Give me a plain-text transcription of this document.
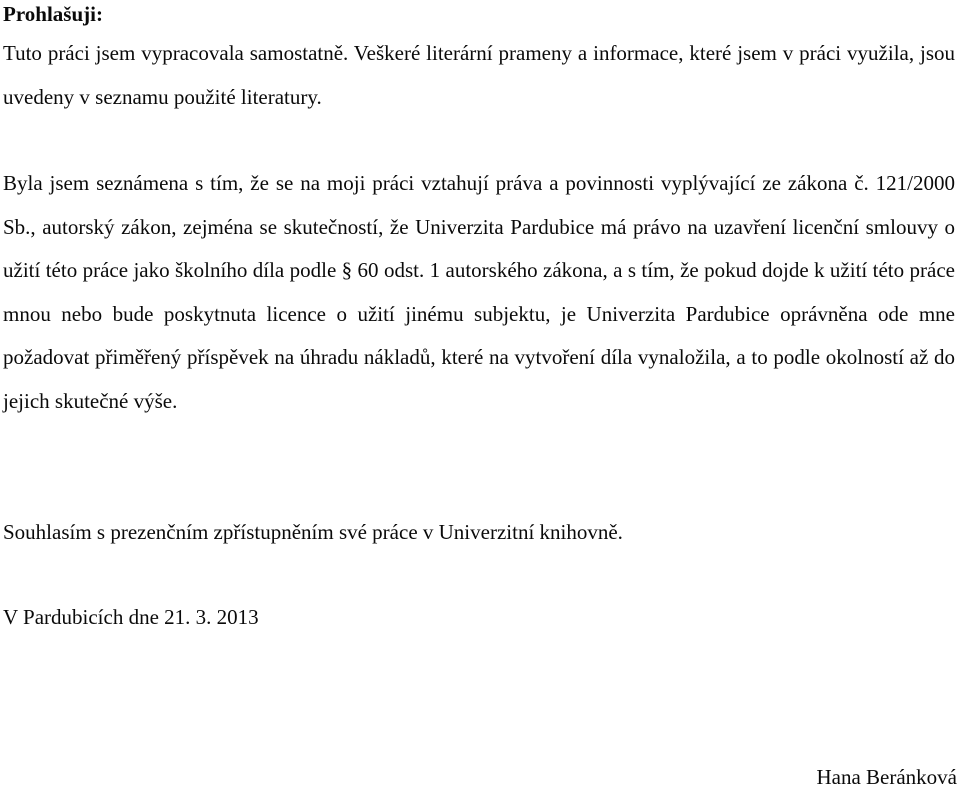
Prohlašuji:

Tuto práci jsem vypracovala samostatně. Veškeré literární prameny a informace, které jsem v práci využila, jsou uvedeny v seznamu použité literatury.

Byla jsem seznámena s tím, že se na moji práci vztahují práva a povinnosti vyplývající ze zákona č. 121/2000 Sb., autorský zákon, zejména se skutečností, že Univerzita Pardubice má právo na uzavření licenční smlouvy o užití této práce jako školního díla podle § 60 odst. 1 autorského zákona, a s tím, že pokud dojde k užití této práce mnou nebo bude poskytnuta licence o užití jinému subjektu, je Univerzita Pardubice oprávněna ode mne požadovat přiměřený příspěvek na úhradu nákladů, které na vytvoření díla vynaložila, a to podle okolností až do jejich skutečné výše.

Souhlasím s prezenčním zpřístupněním své práce v Univerzitní knihovně.

V Pardubicích dne 21. 3. 2013

Hana Beránková
